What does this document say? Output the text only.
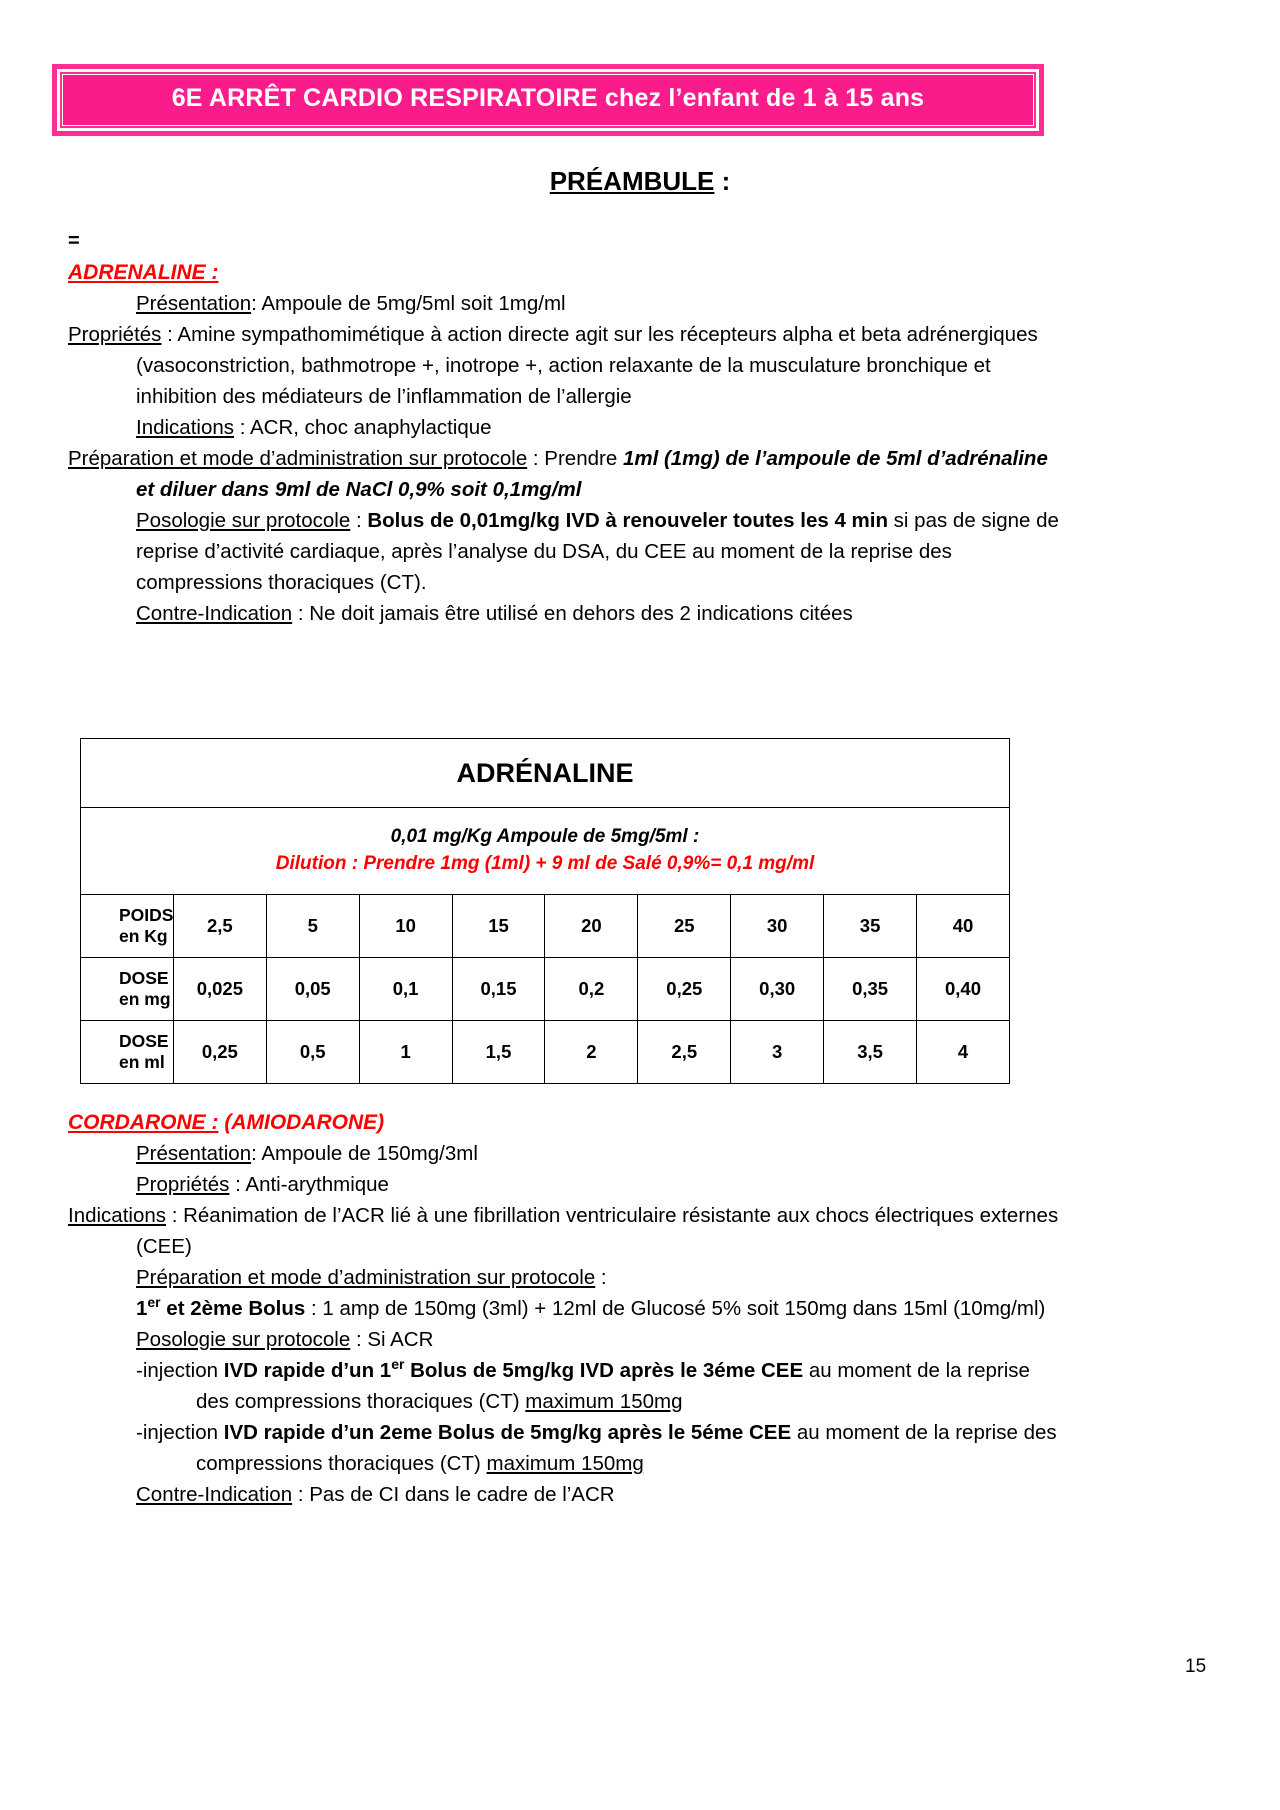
6E ARRÊT CARDIO RESPIRATOIRE chez l’enfant de 1 à 15 ans
PRÉAMBULE :
=
ADRENALINE :

Présentation: Ampoule de 5mg/5ml soit 1mg/ml

Propriétés : Amine sympathomimétique à action directe agit sur les récepteurs alpha et beta adrénergiques (vasoconstriction, bathmotrope +, inotrope +, action relaxante de la musculature bronchique et inhibition des médiateurs de l’inflammation de l’allergie

Indications : ACR, choc anaphylactique

Préparation et mode d’administration sur protocole : Prendre 1ml (1mg) de l’ampoule de 5ml d’adrénaline et diluer dans 9ml de NaCl 0,9% soit 0,1mg/ml

Posologie sur protocole : Bolus de 0,01mg/kg IVD à renouveler toutes les 4 min si pas de signe de reprise d’activité cardiaque, après l’analyse du DSA, du CEE au moment de la reprise des compressions thoraciques (CT).

Contre-Indication : Ne doit jamais être utilisé en dehors des 2 indications citées

ADRÉNALINE									

0,01 mg/Kg Ampoule de 5mg/5ml :
Dilution : Prendre 1mg (1ml) + 9 ml de Salé 0,9%= 0,1 mg/ml									

POIDS en Kg	2,5	5	10	15	20	25	30	35	40
DOSE en mg	0,025	0,05	0,1	0,15	0,2	0,25	0,30	0,35	0,40
DOSE en ml	0,25	0,5	1	1,5	2	2,5	3	3,5	4
CORDARONE : (AMIODARONE)

Présentation: Ampoule de 150mg/3ml

Propriétés : Anti-arythmique

Indications : Réanimation de l’ACR lié à une fibrillation ventriculaire résistante aux chocs électriques externes (CEE)

Préparation et mode d’administration sur protocole :

1er et 2ème Bolus : 1 amp de 150mg (3ml) + 12ml de Glucosé 5% soit 150mg dans 15ml (10mg/ml)

Posologie sur protocole : Si ACR

-injection IVD rapide d’un 1er Bolus de 5mg/kg IVD après le 3éme CEE au moment de la reprise des compressions thoraciques (CT) maximum 150mg

-injection IVD rapide d’un 2eme Bolus de 5mg/kg après le 5éme CEE au moment de la reprise des compressions thoraciques (CT) maximum 150mg

Contre-Indication : Pas de CI dans le cadre de l’ACR

15
